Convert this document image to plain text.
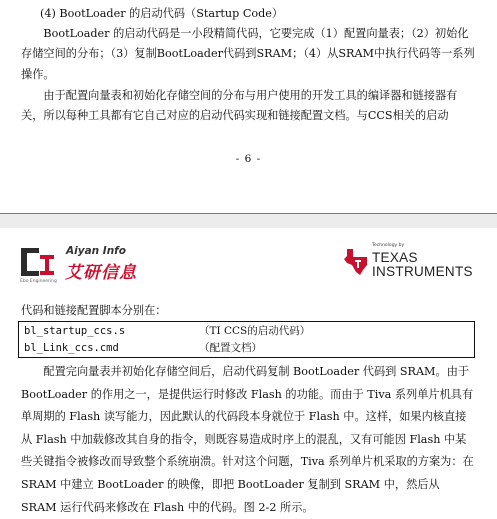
(4) BootLoader 的启动代码（Startup Code）

　　BootLoader 的启动代码是一小段精简代码，它要完成（1）配置向量表；（2）初始化存储空间的分布；（3）复制BootLoader代码到SRAM；（4）从SRAM中执行代码等一系列操作。

　　由于配置向量表和初始化存储空间的分布与用户使用的开发工具的编译器和链接器有关，所以每种工具都有它自己对应的启动代码实现和链接配置文档。与CCS相关的启动

- 6 -
Ebo Engineering
Aiyan Info
艾研信息
Technology by
TEXAS
INSTRUMENTS
代码和链接配置脚本分别在：
bl_startup_ccs.s	（TI CCS的启动代码）
bl_Link_ccs.cmd	（配置文档）

　　配置完向量表并初始化存储空间后，启动代码复制 BootLoader 代码到 SRAM。由于 BootLoader 的作用之一，是提供运行时修改 Flash 的功能。而由于 Tiva 系列单片机具有单周期的 Flash 读写能力，因此默认的代码段本身就位于 Flash 中。这样，如果内核直接从 Flash 中加载修改其自身的指令，则既容易造成时序上的混乱，又有可能因 Flash 中某些关键指令被修改而导致整个系统崩溃。针对这个问题，Tiva 系列单片机采取的方案为：在 SRAM 中建立 BootLoader 的映像，即把 BootLoader 复制到 SRAM 中，然后从 SRAM 运行代码来修改在 Flash 中的代码。图 2-2 所示。
